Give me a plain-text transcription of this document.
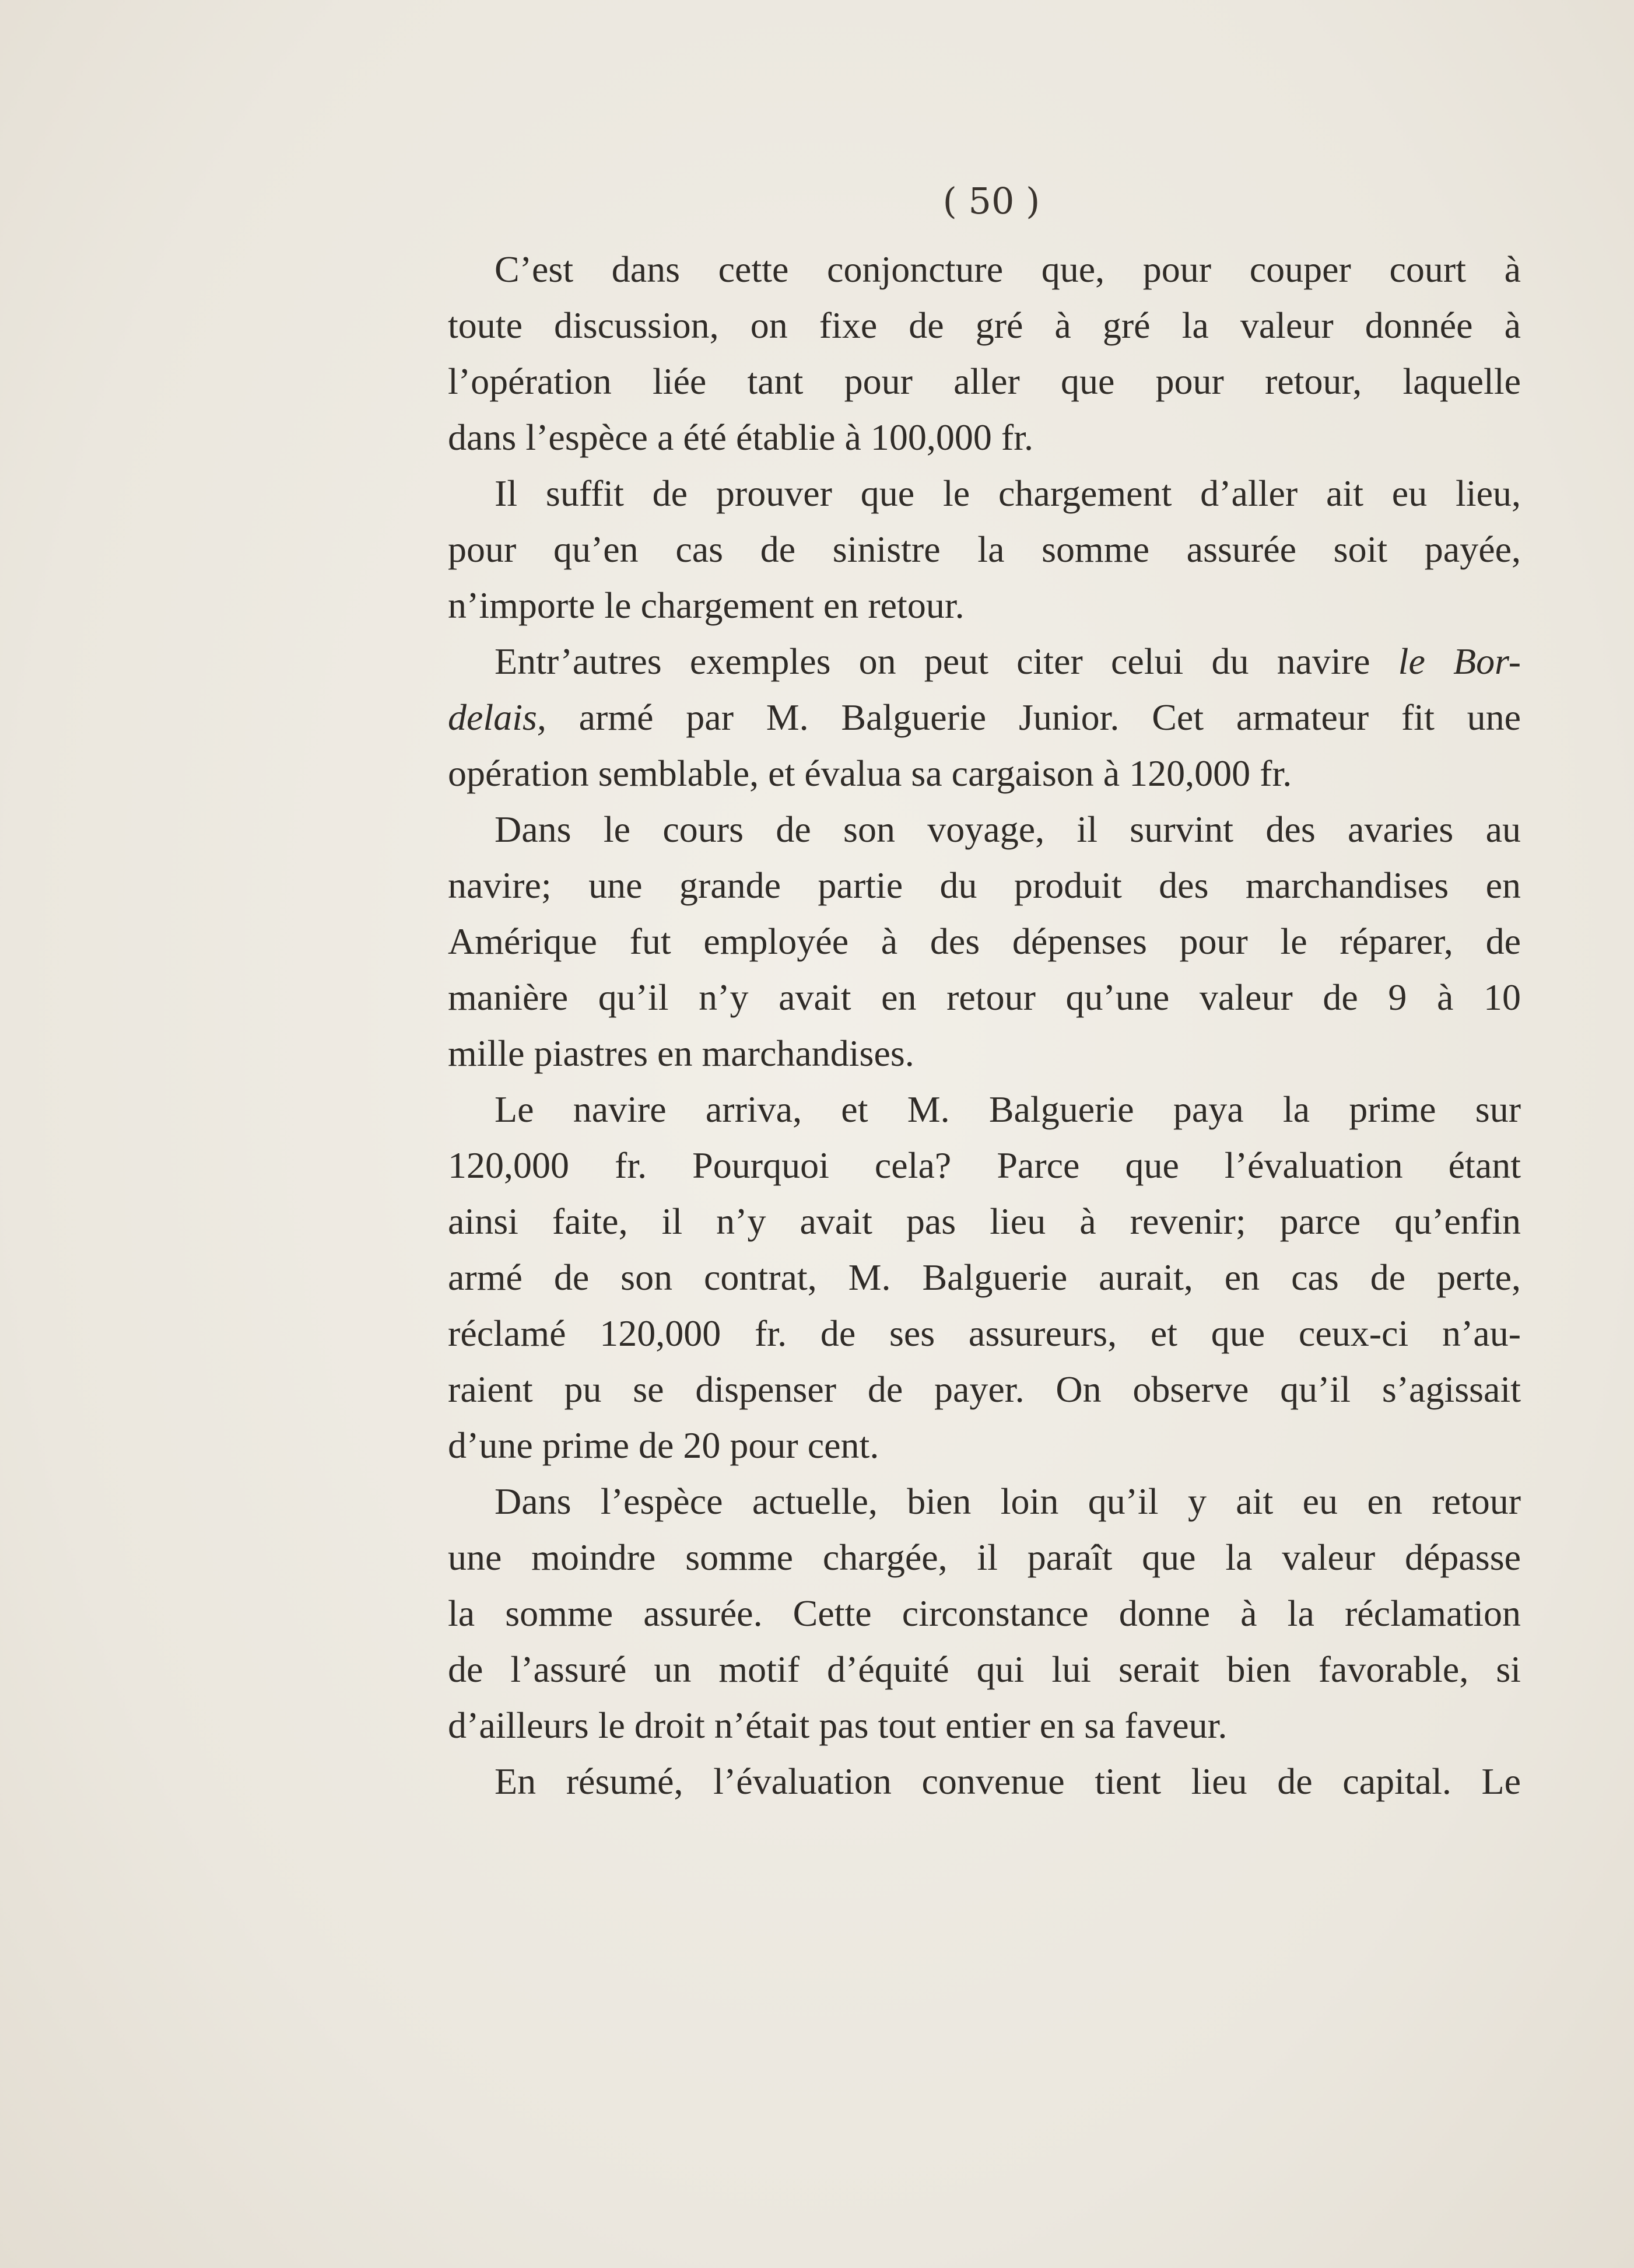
( 50 )
C’est dans cette conjoncture que, pour couper court à
toute discussion, on fixe de gré à gré la valeur donnée à
l’opération liée tant pour aller que pour retour, laquelle
dans l’espèce a été établie à 100,000 fr.
Il suffit de prouver que le chargement d’aller ait eu lieu,
pour qu’en cas de sinistre la somme assurée soit payée,
n’importe le chargement en retour.
Entr’autres exemples on peut citer celui du navire le Bor-
delais, armé par M. Balguerie Junior. Cet armateur fit une
opération semblable, et évalua sa cargaison à 120,000 fr.
Dans le cours de son voyage, il survint des avaries au
navire; une grande partie du produit des marchandises en
Amérique fut employée à des dépenses pour le réparer, de
manière qu’il n’y avait en retour qu’une valeur de 9 à 10
mille piastres en marchandises.
Le navire arriva, et M. Balguerie paya la prime sur
120,000 fr. Pourquoi cela? Parce que l’évaluation étant
ainsi faite, il n’y avait pas lieu à revenir; parce qu’enfin
armé de son contrat, M. Balguerie aurait, en cas de perte,
réclamé 120,000 fr. de ses assureurs, et que ceux-ci n’au-
raient pu se dispenser de payer. On observe qu’il s’agissait
d’une prime de 20 pour cent.
Dans l’espèce actuelle, bien loin qu’il y ait eu en retour
une moindre somme chargée, il paraît que la valeur dépasse
la somme assurée. Cette circonstance donne à la réclamation
de l’assuré un motif d’équité qui lui serait bien favorable, si
d’ailleurs le droit n’était pas tout entier en sa faveur.
En résumé, l’évaluation convenue tient lieu de capital. Le
